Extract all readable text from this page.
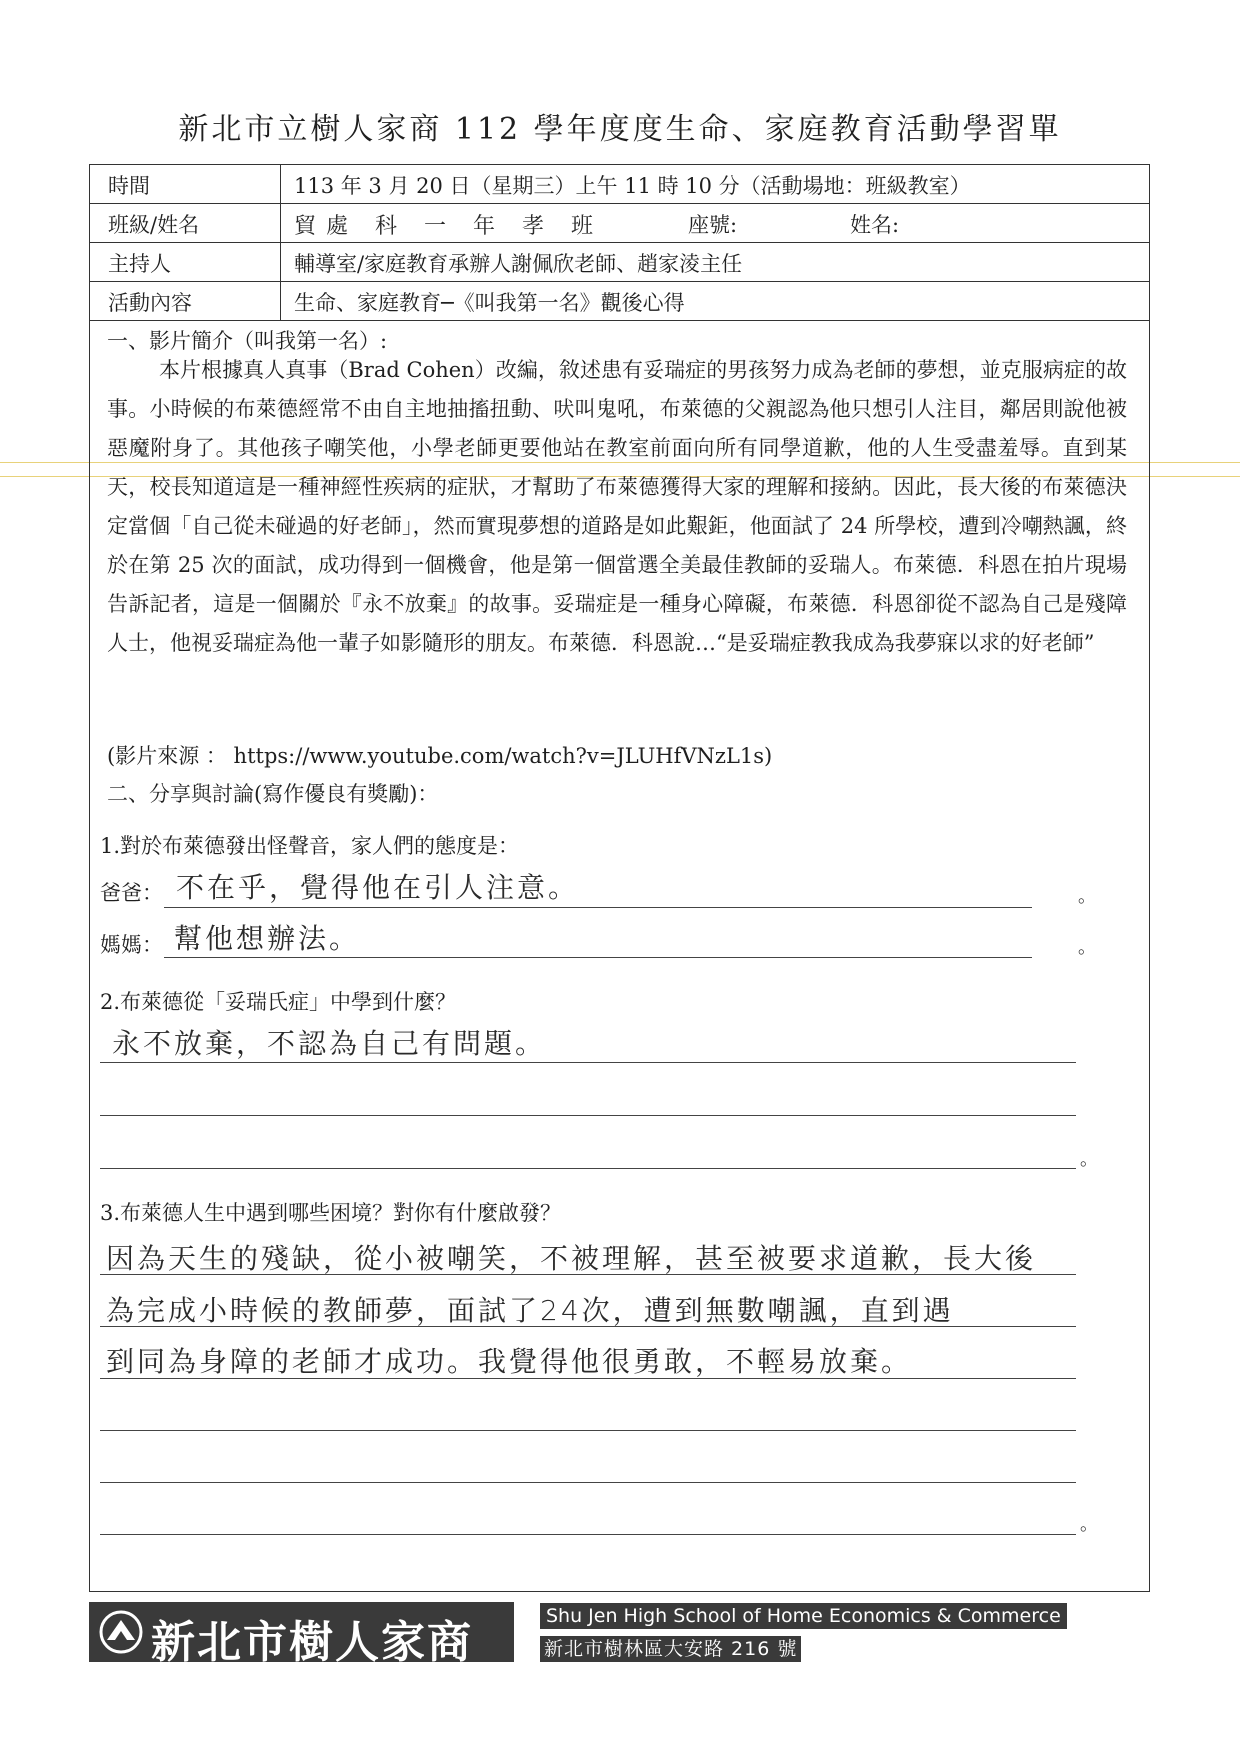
新北市立樹人家商 112 學年度度生命、家庭教育活動學習單
時間	113 年 3 月 20 日（星期三）上午 11 時 10 分（活動場地：班級教室）
班級/姓名	貿處 科 一 年 孝 班	座號:	姓名:
主持人	輔導室/家庭教育承辦人謝佩欣老師、趙家淩主任
活動內容	生命、家庭教育─《叫我第一名》觀後心得
一、影片簡介（叫我第一名）:

本片根據真人真事（Brad Cohen）改編，敘述患有妥瑞症的男孩努力成為老師的夢想，並克服病症的故事。小時候的布萊德經常不由自主地抽搐扭動、吠叫鬼吼，布萊德的父親認為他只想引人注目，鄰居則說他被惡魔附身了。其他孩子嘲笑他，小學老師更要他站在教室前面向所有同學道歉，他的人生受盡羞辱。直到某天，校長知道這是一種神經性疾病的症狀，才幫助了布萊德獲得大家的理解和接納。因此，長大後的布萊德決定當個「自己從未碰過的好老師」，然而實現夢想的道路是如此艱鉅，他面試了 24 所學校，遭到冷嘲熱諷，終於在第 25 次的面試，成功得到一個機會，他是第一個當選全美最佳教師的妥瑞人。布萊德．科恩在拍片現場告訴記者，這是一個關於『永不放棄』的故事。妥瑞症是一種身心障礙，布萊德．科恩卻從不認為自己是殘障人士，他視妥瑞症為他一輩子如影隨形的朋友。布萊德．科恩說…“是妥瑞症教我成為我夢寐以求的好老師”

(影片來源 ： https://www.youtube.com/watch?v=JLUHfVNzL1s)
二、分享與討論(寫作優良有獎勵)：
1.對於布萊德發出怪聲音，家人們的態度是：
爸爸： 不在乎，覺得他在引人注意。	。
媽媽： 幫他想辦法。	。
2.布萊德從「妥瑞氏症」中學到什麼？
永不放棄，不認為自己有問題。
。
3.布萊德人生中遇到哪些困境？對你有什麼啟發？
因為天生的殘缺，從小被嘲笑，不被理解，甚至被要求道歉，長大後
為完成小時候的教師夢，面試了24次，遭到無數嘲諷，直到遇
到同為身障的老師才成功。我覺得他很勇敢，不輕易放棄。
。
新北市樹人家商
Shu Jen High School of Home Economics & Commerce
新北市樹林區大安路 216 號
